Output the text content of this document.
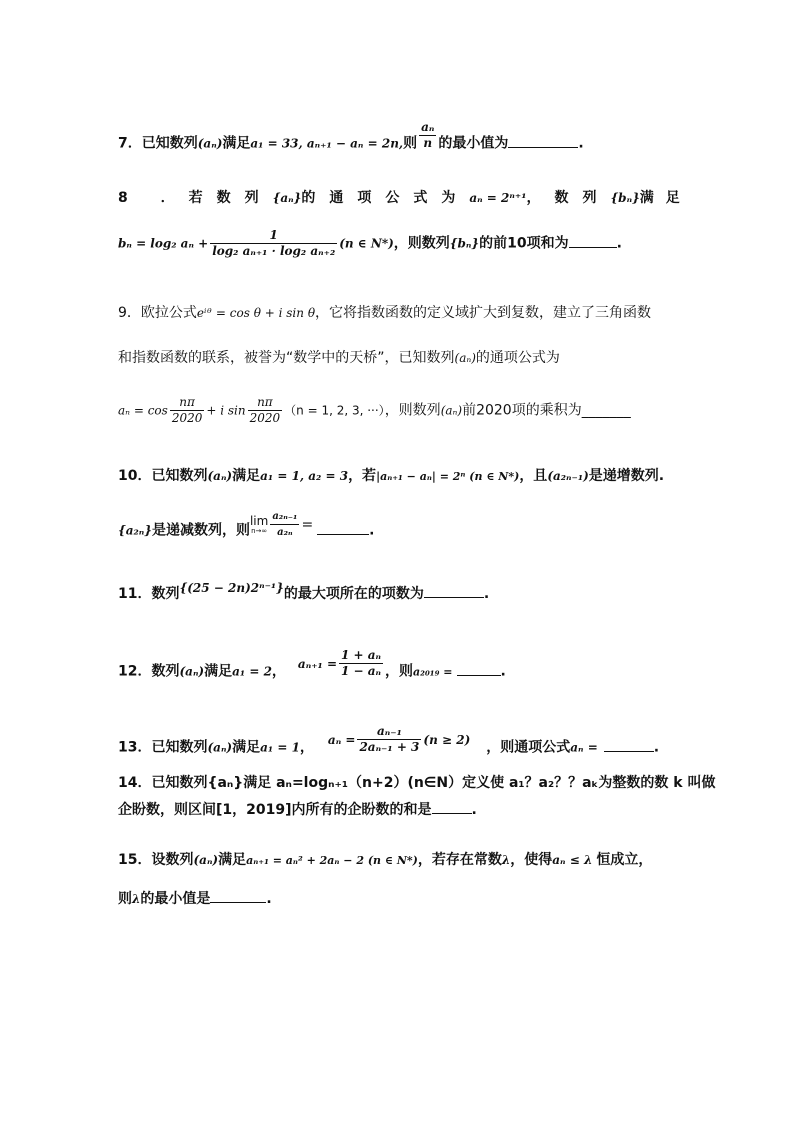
7．已知数列(aₙ)满足a₁ = 33, aₙ₊₁ − aₙ = 2n,则 $\frac{\text{aₙ}}{n}$ 的最小值为	.
8 ．若数列{aₙ}的通项公式为aₙ = 2ⁿ⁺¹，数列{bₙ}满足
bₙ = log₂ $a_n + \frac{1}{\text{log₂ aₙ₊₁ · log₂ aₙ₊₂}} (n$ ∈ N*)，则数列{bₙ}的前10项和为	.
9．欧拉公式eⁱᶿ = cos θ + i sin θ，它将指数函数的定义域扩大到复数，建立了三角函数
和指数函数的联系，被誉为“数学中的天桥”，已知数列(aₙ)的通项公式为
$a_n = \cos \frac{n\pi}{2020} + i$ $\sin \frac{n\pi}{2020} (n = 1$, 2, 3, ···），则数列(aₙ)前2020项的乘积为_______
10．已知数列(aₙ)满足a₁ = 1, a₂ = 3，若|aₙ₊₁ − aₙ| = 2ⁿ (n ∈ N*)，且(a₂ₙ₋₁)是递增数列.
{a₂ₙ}是递减数列，则
lim
$n\to\infty \frac{\text{a₂ₙ₋₁}}{\text{a₂ₙ}}$ =	.
11．数列{(25 − 2n)2ⁿ⁻¹}的最大项所在的项数为	.
12．数列(aₙ)满足a₁ = 2， $a_{n+1} = \frac{\text{1 + aₙ}}{\text{1 − aₙ}}$ ，则a₂₀₁₉ =	.
13．已知数列(aₙ)满足a₁ = 1， $a_n = \frac{\text{aₙ₋₁}}{\text{2aₙ₋₁ + 3}} (n \ge 2)$ ，则通项公式aₙ =	.
14．已知数列{aₙ}满足 aₙ=logₙ₊₁（n+2）(n∈N）定义使 a₁？a₂？？aₖ为整数的数 k 叫做
企盼数，则区间[1，2019]内所有的企盼数的和是	.
15．设数列(aₙ)满足aₙ₊₁ = aₙ² + 2aₙ − 2 (n ∈ N*)，若存在常数λ，使得aₙ ≤ λ 恒成立，
则λ的最小值是	.
